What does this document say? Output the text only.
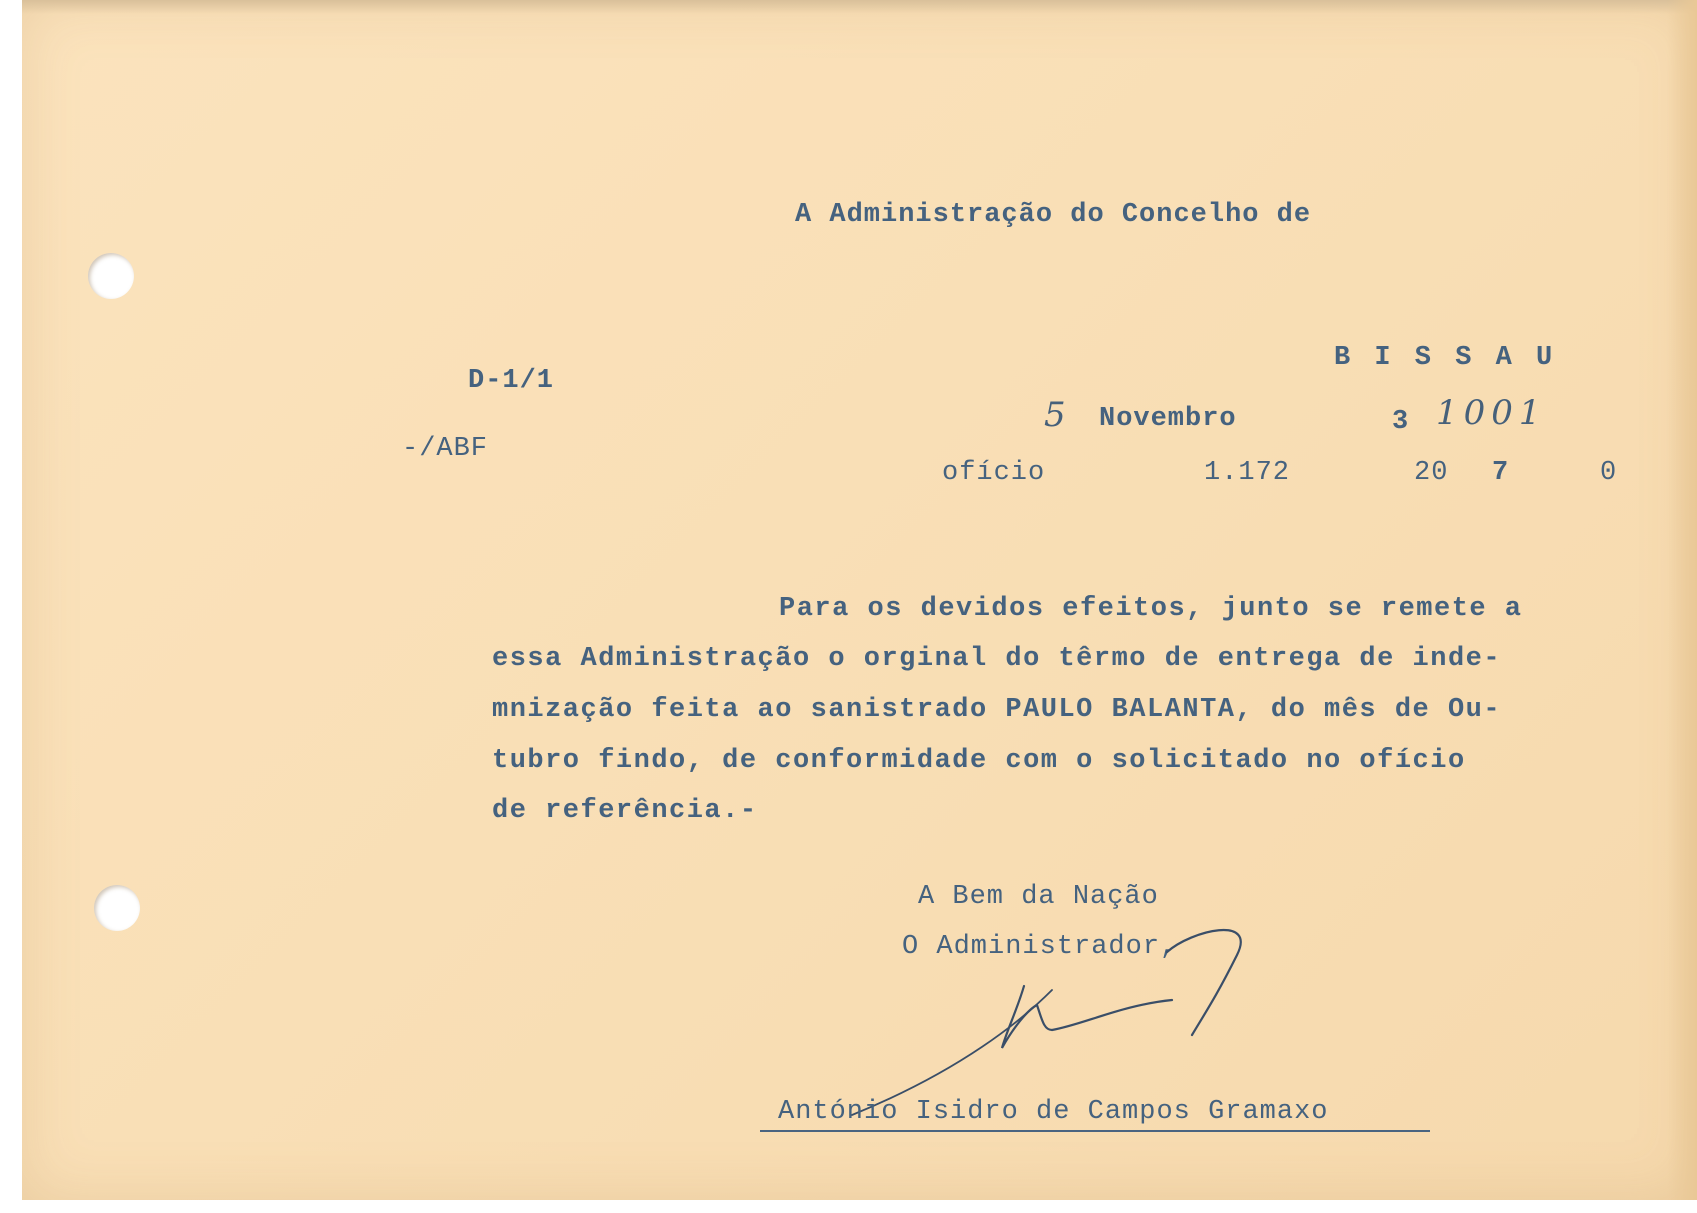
A Administração do Concelho de

B I S S A U

D-1/1

-/ABF

5 Novembro	3 1001

ofício	1.172	20 7	0

Para os devidos efeitos, junto se remete a

essa Administração o orginal do têrmo de entrega de inde-

mnização feita ao sanistrado PAULO BALANTA, do mês de Ou-

tubro findo, de conformidade com o solicitado no ofício

de referência.-

A Bem da Nação

O Administrador,

António Isidro de Campos Gramaxo
